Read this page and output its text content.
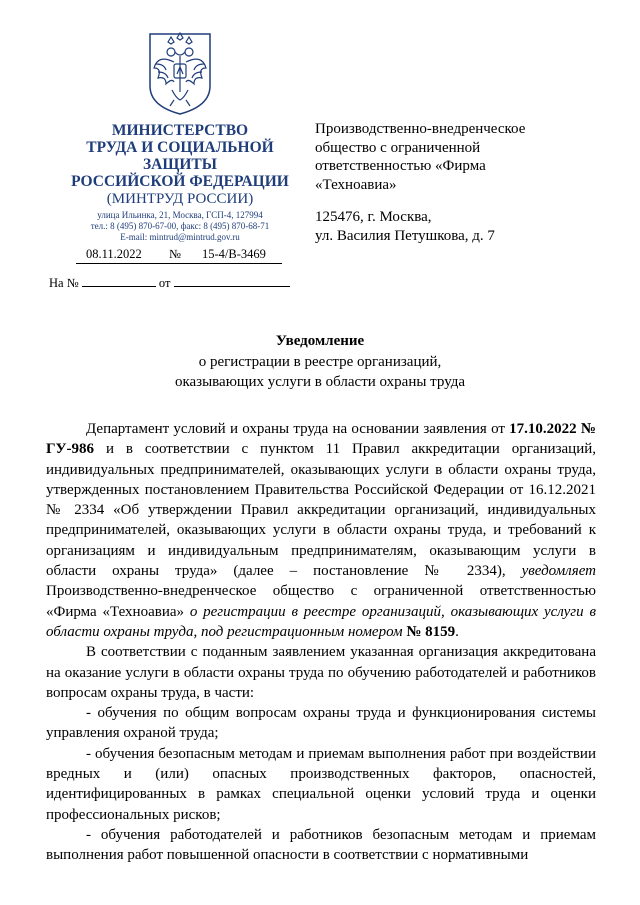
МИНИСТЕРСТВО
ТРУДА И СОЦИАЛЬНОЙ
ЗАЩИТЫ
РОССИЙСКОЙ ФЕДЕРАЦИИ
(МИНТРУД РОССИИ)
улица Ильинка, 21, Москва, ГСП-4, 127994
тел.: 8 (495) 870-67-00, факс: 8 (495) 870-68-71
E-mail: mintrud@mintrud.gov.ru
08.11.2022 № 15-4/В-3469
На №	от
Производственно-внедренческое общество с ограниченной ответственностью «Фирма «Техноавиа»
125476, г. Москва,
ул. Василия Петушкова, д. 7
Уведомление
о регистрации в реестре организаций,
оказывающих услуги в области охраны труда

Департамент условий и охраны труда на основании заявления от 17.10.2022 № ГУ-986 и в соответствии с пунктом 11 Правил аккредитации организаций, индивидуальных предпринимателей, оказывающих услуги в области охраны труда, утвержденных постановлением Правительства Российской Федерации от 16.12.2021 № 2334 «Об утверждении Правил аккредитации организаций, индивидуальных предпринимателей, оказывающих услуги в области охраны труда, и требований к организациям и индивидуальным предпринимателям, оказывающим услуги в области охраны труда» (далее – постановление № 2334), уведомляет Производственно-внедренческое общество с ограниченной ответственностью «Фирма «Техноавиа» о регистрации в реестре организаций, оказывающих услуги в области охраны труда, под регистрационным номером № 8159.

В соответствии с поданным заявлением указанная организация аккредитована на оказание услуги в области охраны труда по обучению работодателей и работников вопросам охраны труда, в части:

- обучения по общим вопросам охраны труда и функционирования системы управления охраной труда;

- обучения безопасным методам и приемам выполнения работ при воздействии вредных и (или) опасных производственных факторов, опасностей, идентифицированных в рамках специальной оценки условий труда и оценки профессиональных рисков;

- обучения работодателей и работников безопасным методам и приемам выполнения работ повышенной опасности в соответствии с нормативными
